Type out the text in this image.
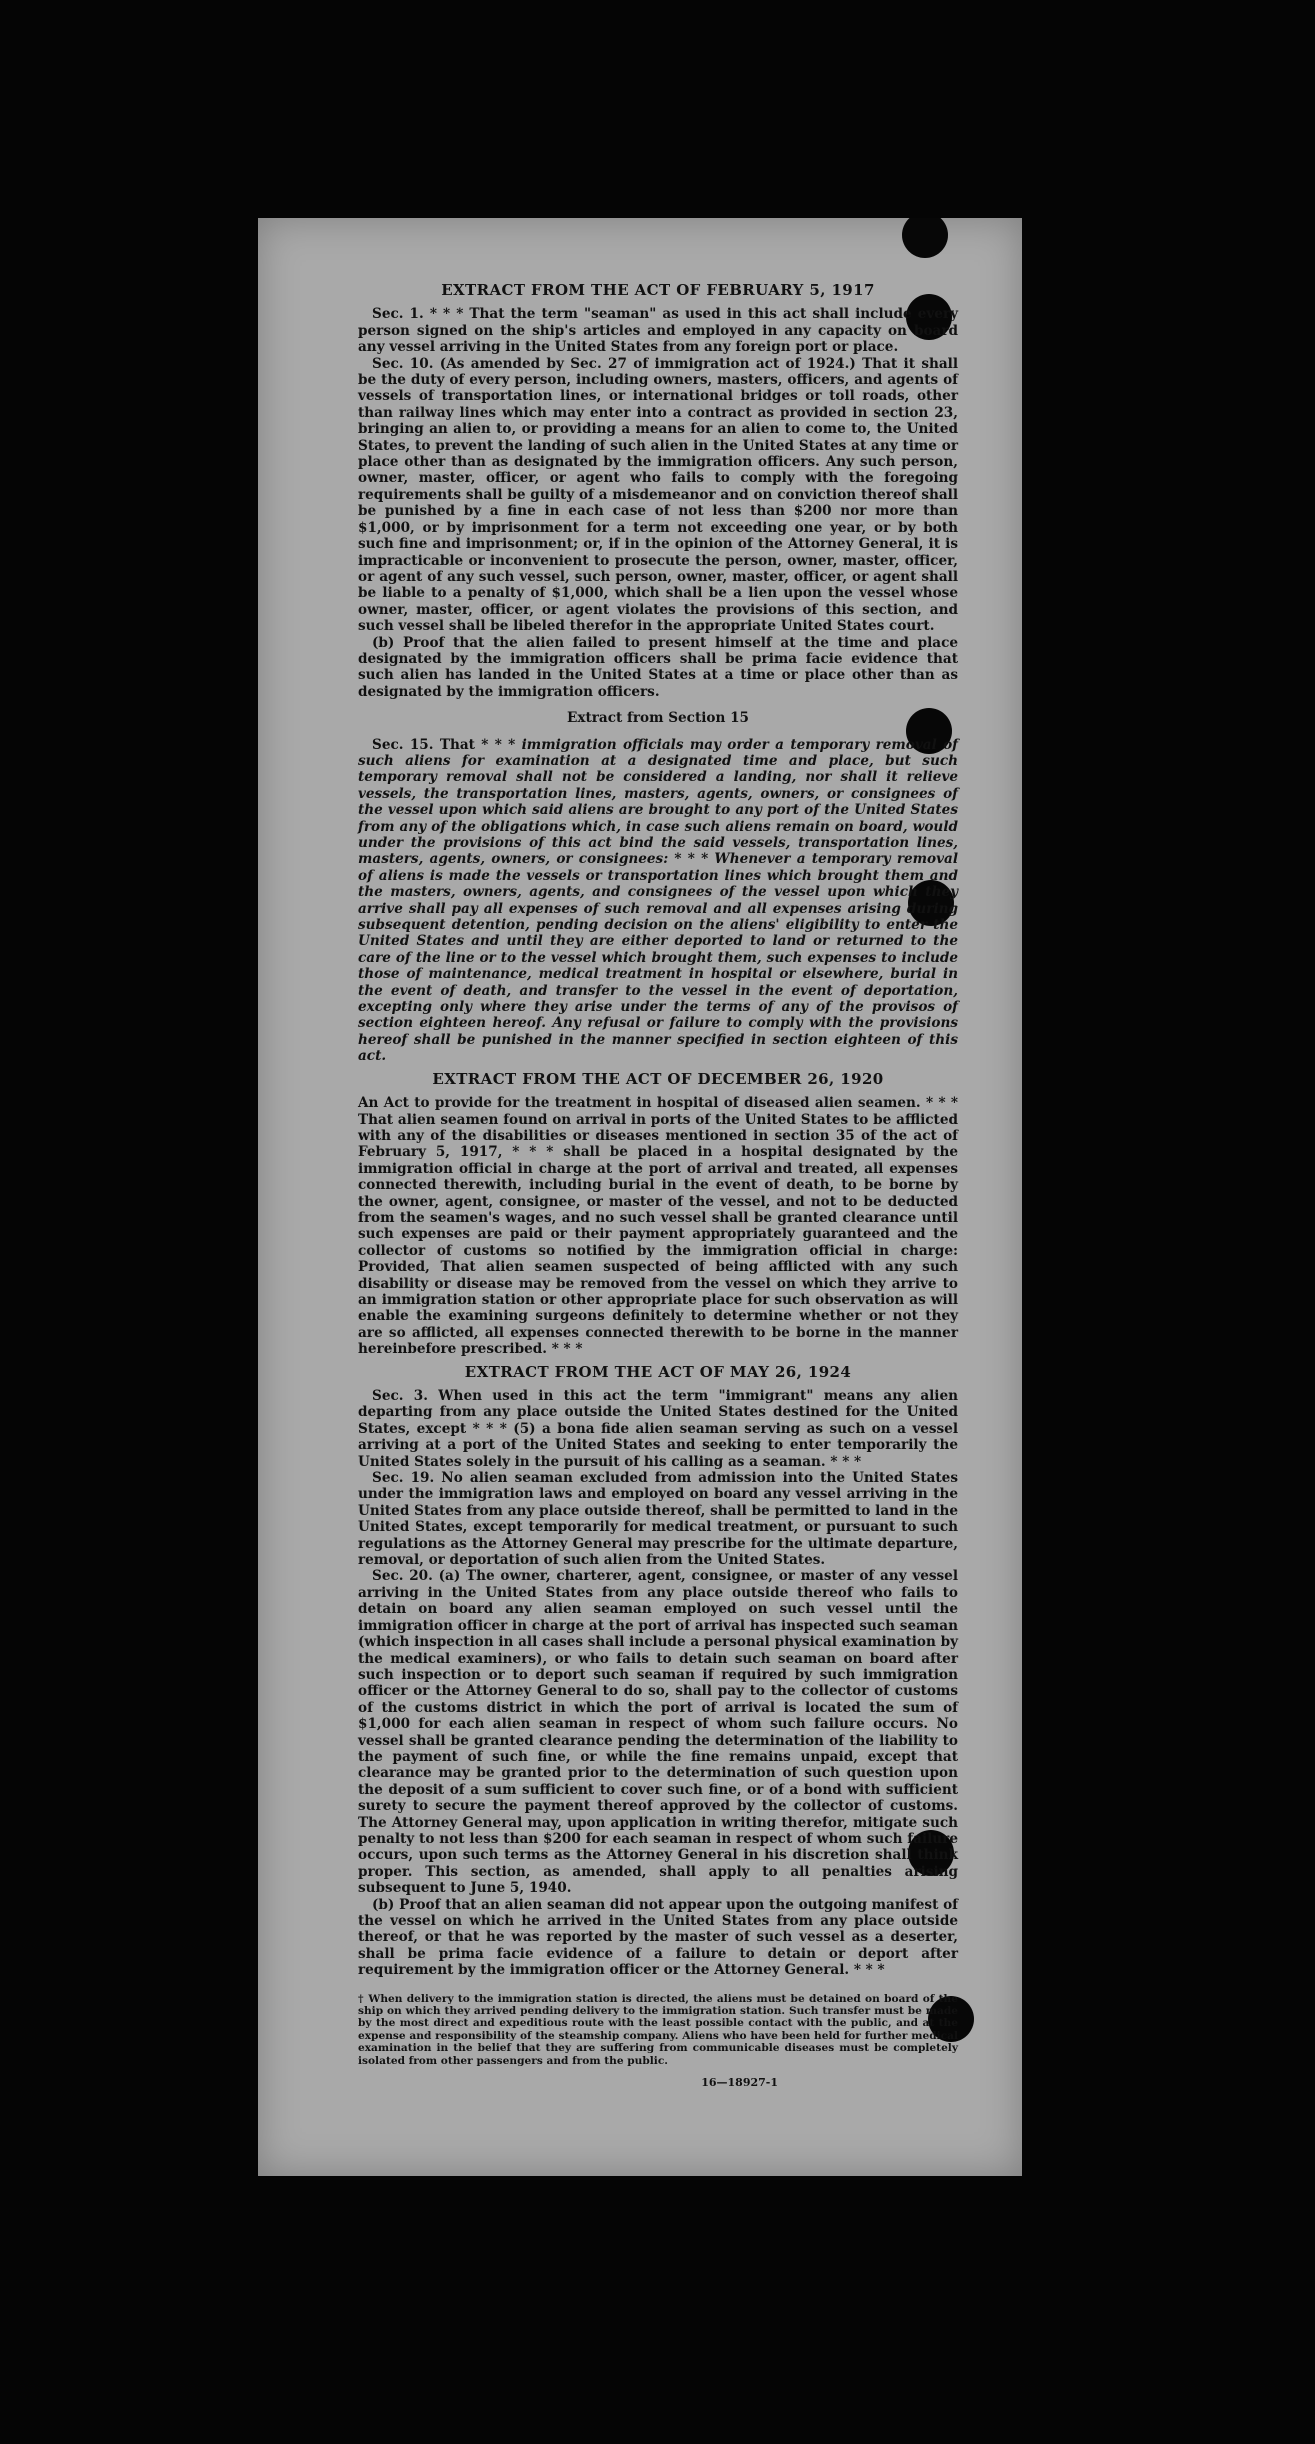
EXTRACT FROM THE ACT OF FEBRUARY 5, 1917

Sec. 1. * * * That the term "seaman" as used in this act shall include every person signed on the ship's articles and employed in any capacity on board any vessel arriving in the United States from any foreign port or place.

Sec. 10. (As amended by Sec. 27 of immigration act of 1924.) That it shall be the duty of every person, including owners, masters, officers, and agents of vessels of transportation lines, or international bridges or toll roads, other than railway lines which may enter into a contract as provided in section 23, bringing an alien to, or providing a means for an alien to come to, the United States, to prevent the landing of such alien in the United States at any time or place other than as designated by the immigration officers. Any such person, owner, master, officer, or agent who fails to comply with the foregoing requirements shall be guilty of a misdemeanor and on conviction thereof shall be punished by a fine in each case of not less than $200 nor more than $1,000, or by imprisonment for a term not exceeding one year, or by both such fine and imprisonment; or, if in the opinion of the Attorney General, it is impracticable or inconvenient to prosecute the person, owner, master, officer, or agent of any such vessel, such person, owner, master, officer, or agent shall be liable to a penalty of $1,000, which shall be a lien upon the vessel whose owner, master, officer, or agent violates the provisions of this section, and such vessel shall be libeled therefor in the appropriate United States court.

(b) Proof that the alien failed to present himself at the time and place designated by the immigration officers shall be prima facie evidence that such alien has landed in the United States at a time or place other than as designated by the immigration officers.

Extract from Section 15

Sec. 15. That * * * immigration officials may order a temporary removal of such aliens for examination at a designated time and place, but such temporary removal shall not be considered a landing, nor shall it relieve vessels, the transportation lines, masters, agents, owners, or consignees of the vessel upon which said aliens are brought to any port of the United States from any of the obligations which, in case such aliens remain on board, would under the provisions of this act bind the said vessels, transportation lines, masters, agents, owners, or consignees: * * * Whenever a temporary removal of aliens is made the vessels or transportation lines which brought them and the masters, owners, agents, and consignees of the vessel upon which they arrive shall pay all expenses of such removal and all expenses arising during subsequent detention, pending decision on the aliens' eligibility to enter the United States and until they are either deported to land or returned to the care of the line or to the vessel which brought them, such expenses to include those of maintenance, medical treatment in hospital or elsewhere, burial in the event of death, and transfer to the vessel in the event of deportation, excepting only where they arise under the terms of any of the provisos of section eighteen hereof. Any refusal or failure to comply with the provisions hereof shall be punished in the manner specified in section eighteen of this act.

EXTRACT FROM THE ACT OF DECEMBER 26, 1920

An Act to provide for the treatment in hospital of diseased alien seamen. * * * That alien seamen found on arrival in ports of the United States to be afflicted with any of the disabilities or diseases mentioned in section 35 of the act of February 5, 1917, * * * shall be placed in a hospital designated by the immigration official in charge at the port of arrival and treated, all expenses connected therewith, including burial in the event of death, to be borne by the owner, agent, consignee, or master of the vessel, and not to be deducted from the seamen's wages, and no such vessel shall be granted clearance until such expenses are paid or their payment appropriately guaranteed and the collector of customs so notified by the immigration official in charge: Provided, That alien seamen suspected of being afflicted with any such disability or disease may be removed from the vessel on which they arrive to an immigration station or other appropriate place for such observation as will enable the examining surgeons definitely to determine whether or not they are so afflicted, all expenses connected therewith to be borne in the manner hereinbefore prescribed. * * *

EXTRACT FROM THE ACT OF MAY 26, 1924

Sec. 3. When used in this act the term "immigrant" means any alien departing from any place outside the United States destined for the United States, except * * * (5) a bona fide alien seaman serving as such on a vessel arriving at a port of the United States and seeking to enter temporarily the United States solely in the pursuit of his calling as a seaman. * * *

Sec. 19. No alien seaman excluded from admission into the United States under the immigration laws and employed on board any vessel arriving in the United States from any place outside thereof, shall be permitted to land in the United States, except temporarily for medical treatment, or pursuant to such regulations as the Attorney General may prescribe for the ultimate departure, removal, or deportation of such alien from the United States.

Sec. 20. (a) The owner, charterer, agent, consignee, or master of any vessel arriving in the United States from any place outside thereof who fails to detain on board any alien seaman employed on such vessel until the immigration officer in charge at the port of arrival has inspected such seaman (which inspection in all cases shall include a personal physical examination by the medical examiners), or who fails to detain such seaman on board after such inspection or to deport such seaman if required by such immigration officer or the Attorney General to do so, shall pay to the collector of customs of the customs district in which the port of arrival is located the sum of $1,000 for each alien seaman in respect of whom such failure occurs. No vessel shall be granted clearance pending the determination of the liability to the payment of such fine, or while the fine remains unpaid, except that clearance may be granted prior to the determination of such question upon the deposit of a sum sufficient to cover such fine, or of a bond with sufficient surety to secure the payment thereof approved by the collector of customs. The Attorney General may, upon application in writing therefor, mitigate such penalty to not less than $200 for each seaman in respect of whom such failure occurs, upon such terms as the Attorney General in his discretion shall think proper. This section, as amended, shall apply to all penalties arising subsequent to June 5, 1940.

(b) Proof that an alien seaman did not appear upon the outgoing manifest of the vessel on which he arrived in the United States from any place outside thereof, or that he was reported by the master of such vessel as a deserter, shall be prima facie evidence of a failure to detain or deport after requirement by the immigration officer or the Attorney General. * * *

† When delivery to the immigration station is directed, the aliens must be detained on board of the ship on which they arrived pending delivery to the immigration station. Such transfer must be made by the most direct and expeditious route with the least possible contact with the public, and at the expense and responsibility of the steamship company. Aliens who have been held for further medical examination in the belief that they are suffering from communicable diseases must be completely isolated from other passengers and from the public.
16—18927-1
